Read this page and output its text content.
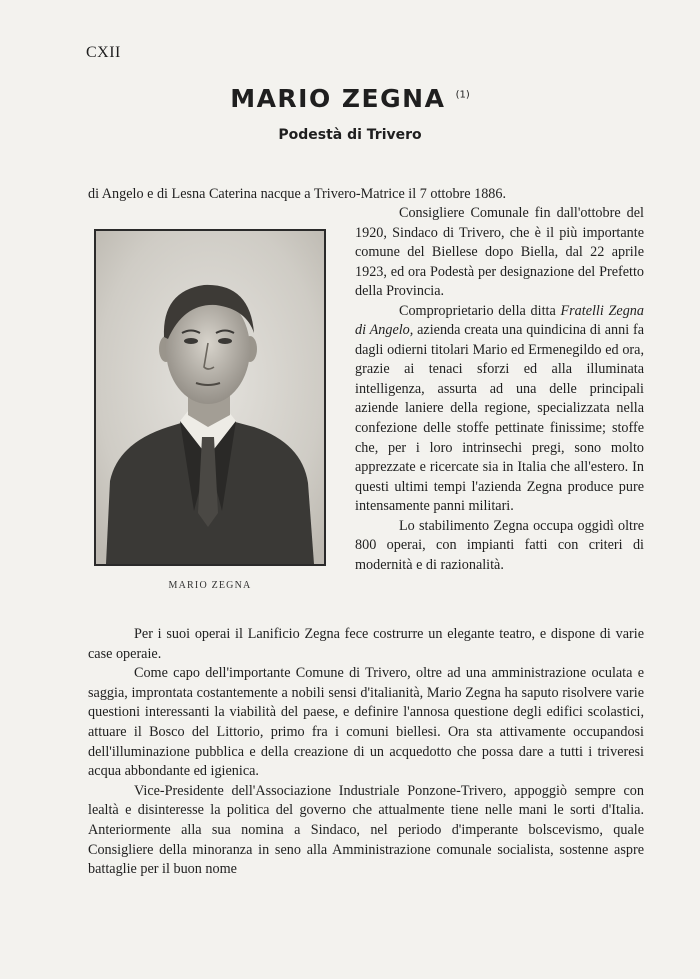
CXII
MARIO ZEGNA $^{(1)}$
Podestà di Trivero
di Angelo e di Lesna Caterina nacque a Trivero-Matrice il 7 ottobre 1886.
MARIO ZEGNA

Consigliere Comunale fin dall'ottobre del 1920, Sindaco di Trivero, che è il più importante comune del Biellese dopo Biella, dal 22 aprile 1923, ed ora Podestà per designazione del Prefetto della Provincia.

Comproprietario della ditta Fratelli Zegna di Angelo, azienda creata una quindicina di anni fa dagli odierni titolari Mario ed Ermenegildo ed ora, grazie ai tenaci sforzi ed alla illuminata intelligenza, assurta ad una delle principali aziende laniere della regione, specializzata nella confezione delle stoffe pettinate finissime; stoffe che, per i loro intrinsechi pregi, sono molto apprezzate e ricercate sia in Italia che all'estero. In questi ultimi tempi l'azienda Zegna produce pure intensamente panni militari.

Lo stabilimento Zegna occupa oggidì oltre 800 operai, con impianti fatti con criteri di modernità e di razionalità.

Per i suoi operai il Lanificio Zegna fece costrurre un elegante teatro, e dispone di varie case operaie.

Come capo dell'importante Comune di Trivero, oltre ad una amministrazione oculata e saggia, improntata costantemente a nobili sensi d'italianità, Mario Zegna ha saputo risolvere varie questioni interessanti la viabilità del paese, e definire l'annosa questione degli edifici scolastici, attuare il Bosco del Littorio, primo fra i comuni biellesi. Ora sta attivamente occupandosi dell'illuminazione pubblica e della creazione di un acquedotto che possa dare a tutti i triveresi acqua abbondante ed igienica.

Vice-Presidente dell'Associazione Industriale Ponzone-Trivero, appoggiò sempre con lealtà e disinteresse la politica del governo che attualmente tiene nelle mani le sorti d'Italia. Anteriormente alla sua nomina a Sindaco, nel periodo d'imperante bolscevismo, quale Consigliere della minoranza in seno alla Amministrazione comunale socialista, sostenne aspre battaglie per il buon nome
